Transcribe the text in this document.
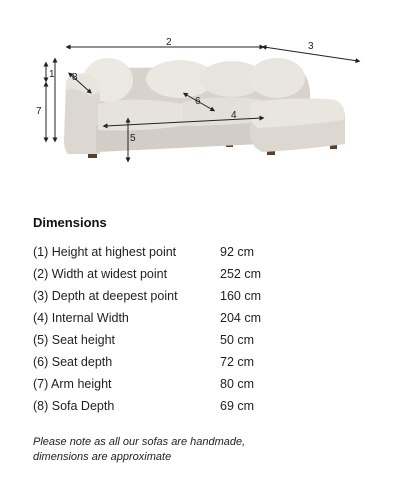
2	3
1
7
8
6
4
5
Dimensions
(1) Height at highest point	92 cm
(2) Width at widest point	252 cm
(3) Depth at deepest point	160 cm
(4) Internal Width	204 cm
(5) Seat height	50 cm
(6) Seat depth	72 cm
(7) Arm height	80 cm
(8) Sofa Depth	69 cm
Please note as all our sofas are handmade,
dimensions are approximate
